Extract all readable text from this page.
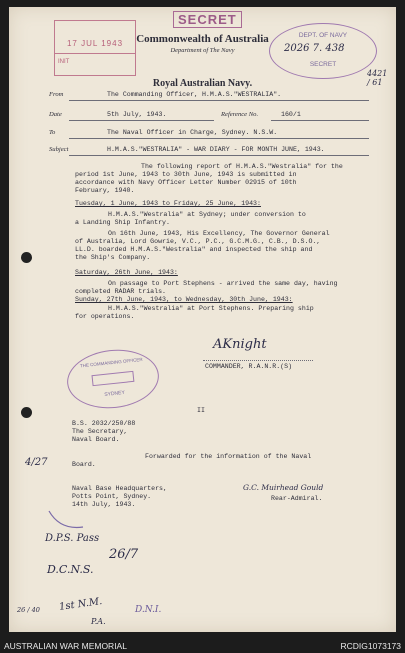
17 JUL 1943
INIT
SECRET
DEPT. OF NAVY
2026 7. 438
SECRET
4421 / 61
Commonwealth of Australia
Department of The Navy
Royal Australian Navy.
From	The Commanding Officer, H.M.A.S."WESTRALIA".
Date	5th July, 1943.	Reference No.	160/1
To	The Naval Officer in Charge, Sydney. N.S.W.
Subject	H.M.A.S."WESTRALIA" - WAR DIARY - FOR MONTH JUNE, 1943.
The following report of H.M.A.S."Westralia" for the
period 1st June, 1943 to 30th June, 1943 is submitted in
accordance with Navy Officer Letter Number 02915 of 10th
February, 1940.
Tuesday, 1 June, 1943 to Friday, 25 June, 1943:
H.M.A.S."Westralia" at Sydney; under conversion to
a Landing Ship Infantry.
On 16th June, 1943, His Excellency, The Governor General
of Australia, Lord Gowrie, V.C., P.C., G.C.M.G., C.B., D.S.O.,
LL.D. boarded H.M.A.S."Westralia" and inspected the ship and
the Ship's Company.
Saturday, 26th June, 1943:
On passage to Port Stephens - arrived the same day, having
completed RADAR trials.
Sunday, 27th June, 1943, to Wednesday, 30th June, 1943:
H.M.A.S."Westralia" at Port Stephens. Preparing ship
for operations.
AKnight
COMMANDER, R.A.N.R.(S)
THE COMMANDING OFFICER
SYDNEY
II
B.S. 2032/250/88
The Secretary,
Naval Board.
Forwarded for the information of the Naval
Board.
4/27
Naval Base Headquarters,
Potts Point, Sydney.
14th July, 1943.
G.C. Muirhead Gould
Rear-Admiral.
D.P.S. Pass
D.C.N.S.
26/7
1st N.M.	D.N.I.
P.A.
26 / 40
AUSTRALIAN WAR MEMORIAL	RCDIG1073173
